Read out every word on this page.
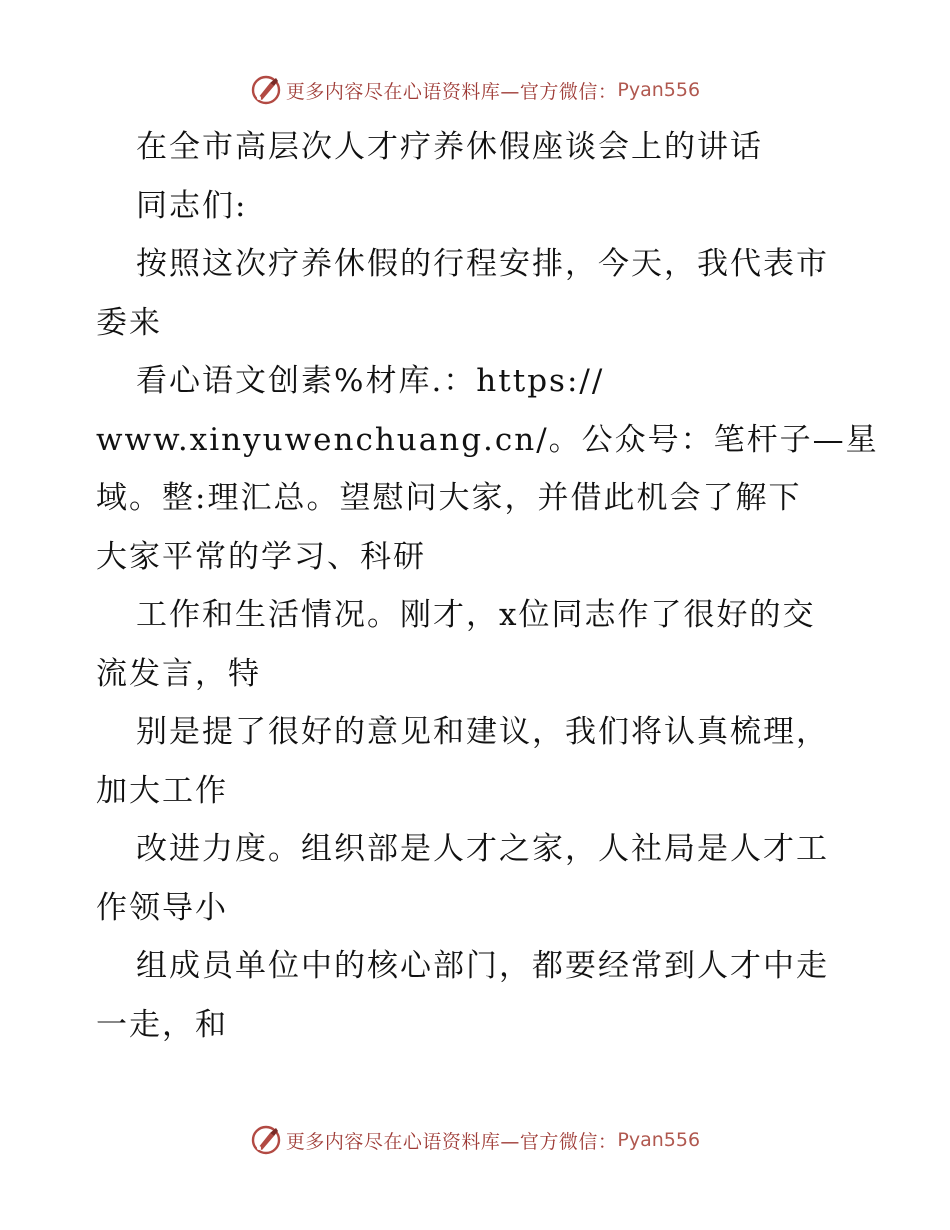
更多内容尽在心语资料库—官方微信： Pyan556
在全市高层次人才疗养休假座谈会上的讲话
同志们:
按照这次疗养休假的行程安排，今天，我代表市
委来
看心语文创素%材库.：https://
www.xinyuwenchuang.cn/。公众号：笔杆子—星
域。整:理汇总。望慰问大家，并借此机会了解下
大家平常的学习、科研
工作和生活情况。刚才，x位同志作了很好的交
流发言，特
别是提了很好的意见和建议，我们将认真梳理，
加大工作
改进力度。组织部是人才之家，人社局是人才工
作领导小
组成员单位中的核心部门，都要经常到人才中走
一走，和
更多内容尽在心语资料库—官方微信： Pyan556
